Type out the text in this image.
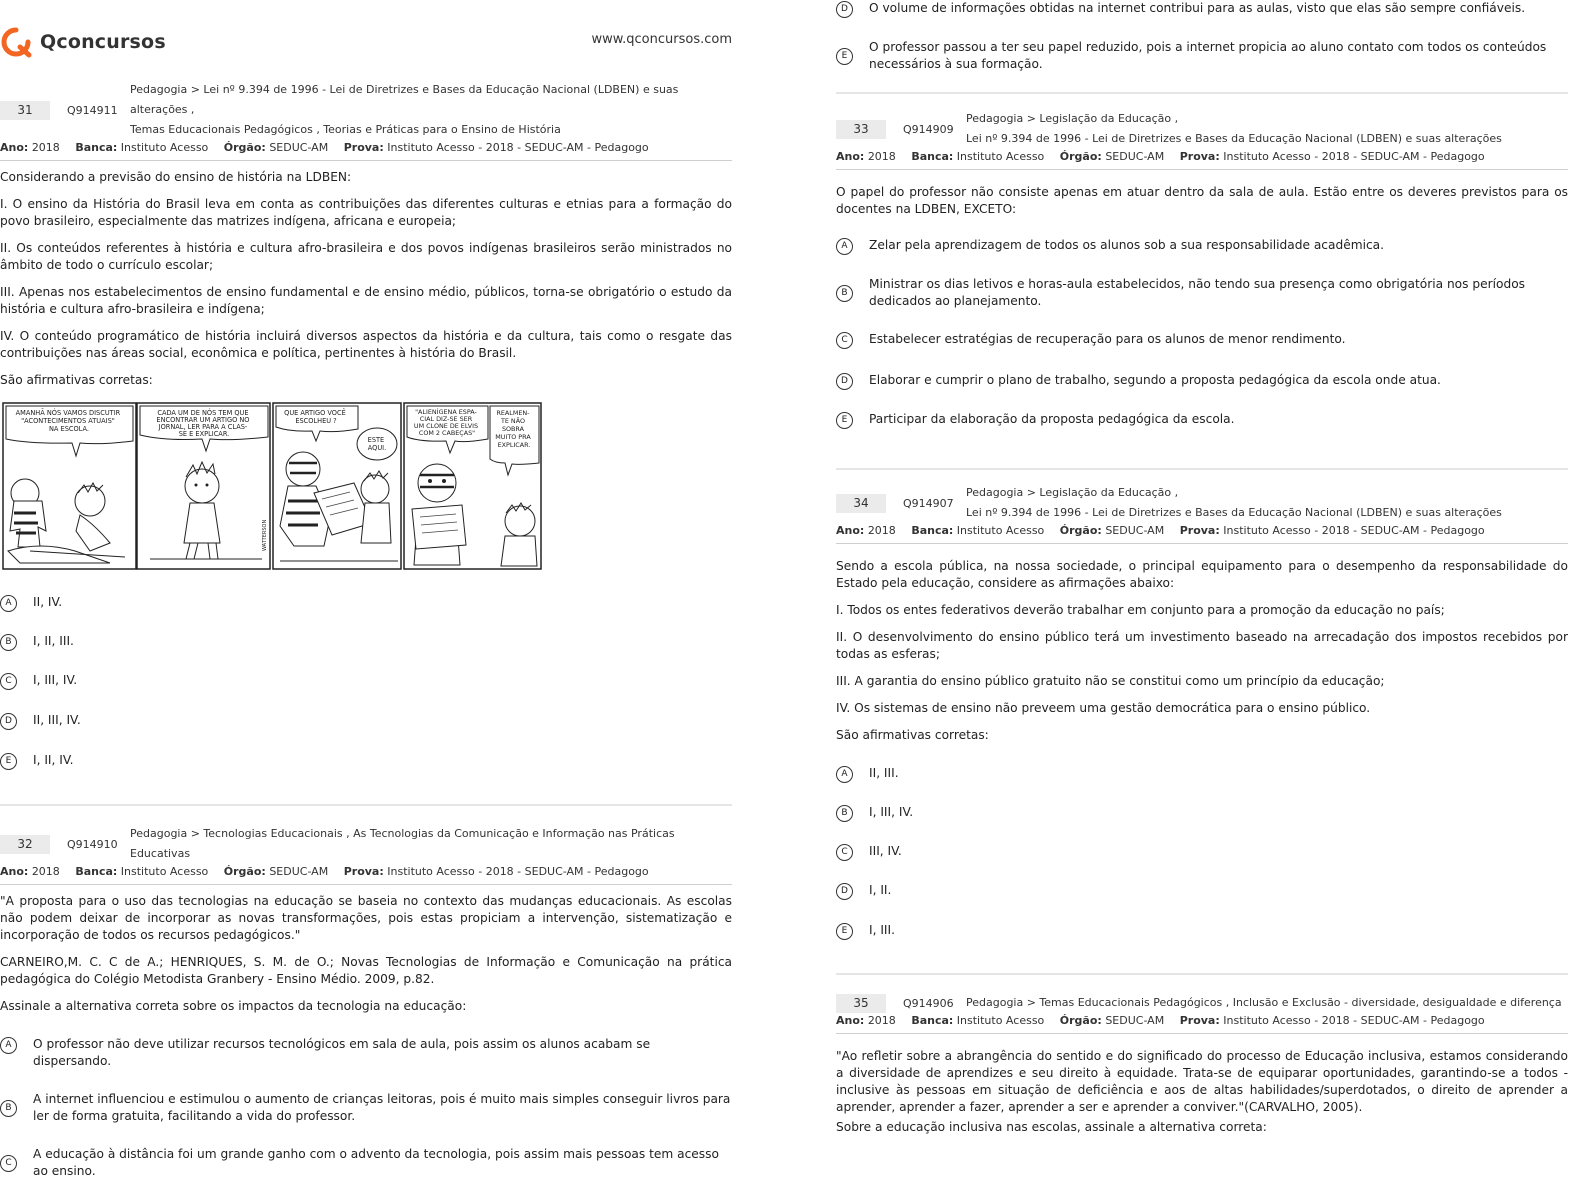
Qconcursos	www.qconcursos.com
31	Q914911
Pedagogia > Lei nº 9.394 de 1996 - Lei de Diretrizes e Bases da Educação Nacional (LDBEN) e suas alterações ,
Temas Educacionais Pedagógicos , Teorias e Práticas para o Ensino de História
Ano: 2018 Banca: Instituto Acesso Órgão: SEDUC-AM Prova: Instituto Acesso - 2018 - SEDUC-AM - Pedagogo

Considerando a previsão do ensino de história na LDBEN:

I. O ensino da História do Brasil leva em conta as contribuições das diferentes culturas e etnias para a formação do povo brasileiro, especialmente das matrizes indígena, africana e europeia;

II. Os conteúdos referentes à história e cultura afro-brasileira e dos povos indígenas brasileiros serão ministrados no âmbito de todo o currículo escolar;

III. Apenas nos estabelecimentos de ensino fundamental e de ensino médio, públicos, torna-se obrigatório o estudo da história e cultura afro-brasileira e indígena;

IV. O conteúdo programático de história incluirá diversos aspectos da história e da cultura, tais como o resgate das contribuições nas áreas social, econômica e política, pertinentes à história do Brasil.

São afirmativas corretas:

AMANHÃ NÓS VAMOS DISCUTIR "ACONTECIMENTOS ATUAIS" NA ESCOLA.
CADA UM DE NÓS TEM QUE ENCONTRAR UM ARTIGO NO JORNAL, LER PARA A CLAS- SE E EXPLICAR.
QUE ARTIGO VOCÊ ESCOLHEU ?
ESTE AQUI.
"ALIENÍGENA ESPA- CIAL DIZ-SE SER UM CLONE DE ELVIS COM 2 CABEÇAS"
REALMEN- TE NÃO SOBRA MUITO PRA EXPLICAR.
WATTERSON
A	II, IV.
B	I, II, III.
C	I, III, IV.
D	II, III, IV.
E	I, II, IV.
32	Q914910
Pedagogia > Tecnologias Educacionais , As Tecnologias da Comunicação e Informação nas Práticas Educativas
Ano: 2018 Banca: Instituto Acesso Órgão: SEDUC-AM Prova: Instituto Acesso - 2018 - SEDUC-AM - Pedagogo

"A proposta para o uso das tecnologias na educação se baseia no contexto das mudanças educacionais. As escolas não podem deixar de incorporar as novas transformações, pois estas propiciam a intervenção, sistematização e incorporação de todos os recursos pedagógicos."

CARNEIRO,M. C. C de A.; HENRIQUES, S. M. de O.; Novas Tecnologias de Informação e Comunicação na prática pedagógica do Colégio Metodista Granbery - Ensino Médio. 2009, p.82.

Assinale a alternativa correta sobre os impactos da tecnologia na educação:

A	O professor não deve utilizar recursos tecnológicos em sala de aula, pois assim os alunos acabam se dispersando.
B
A internet influenciou e estimulou o aumento de crianças leitoras, pois é muito mais simples conseguir livros para ler de forma gratuita, facilitando a vida do professor.
C
A educação à distância foi um grande ganho com o advento da tecnologia, pois assim mais pessoas tem acesso ao ensino.
D	O volume de informações obtidas na internet contribui para as aulas, visto que elas são sempre confiáveis.
E
O professor passou a ter seu papel reduzido, pois a internet propicia ao aluno contato com todos os conteúdos necessários à sua formação.
33	Q914909
Pedagogia > Legislação da Educação ,
Lei nº 9.394 de 1996 - Lei de Diretrizes e Bases da Educação Nacional (LDBEN) e suas alterações
Ano: 2018 Banca: Instituto Acesso Órgão: SEDUC-AM Prova: Instituto Acesso - 2018 - SEDUC-AM - Pedagogo

O papel do professor não consiste apenas em atuar dentro da sala de aula. Estão entre os deveres previstos para os docentes na LDBEN, EXCETO:

A	Zelar pela aprendizagem de todos os alunos sob a sua responsabilidade acadêmica.
B
Ministrar os dias letivos e horas-aula estabelecidos, não tendo sua presença como obrigatória nos períodos dedicados ao planejamento.
C	Estabelecer estratégias de recuperação para os alunos de menor rendimento.
D	Elaborar e cumprir o plano de trabalho, segundo a proposta pedagógica da escola onde atua.
E	Participar da elaboração da proposta pedagógica da escola.
34	Q914907
Pedagogia > Legislação da Educação ,
Lei nº 9.394 de 1996 - Lei de Diretrizes e Bases da Educação Nacional (LDBEN) e suas alterações
Ano: 2018 Banca: Instituto Acesso Órgão: SEDUC-AM Prova: Instituto Acesso - 2018 - SEDUC-AM - Pedagogo

Sendo a escola pública, na nossa sociedade, o principal equipamento para o desempenho da responsabilidade do Estado pela educação, considere as afirmações abaixo:

I. Todos os entes federativos deverão trabalhar em conjunto para a promoção da educação no país;

II. O desenvolvimento do ensino público terá um investimento baseado na arrecadação dos impostos recebidos por todas as esferas;

III. A garantia do ensino público gratuito não se constitui como um princípio da educação;

IV. Os sistemas de ensino não preveem uma gestão democrática para o ensino público.

São afirmativas corretas:

A	II, III.
B	I, III, IV.
C	III, IV.
D	I, II.
E	I, III.
35	Q914906 Pedagogia > Temas Educacionais Pedagógicos , Inclusão e Exclusão - diversidade, desigualdade e diferença
Ano: 2018 Banca: Instituto Acesso Órgão: SEDUC-AM Prova: Instituto Acesso - 2018 - SEDUC-AM - Pedagogo

"Ao refletir sobre a abrangência do sentido e do significado do processo de Educação inclusiva, estamos considerando a diversidade de aprendizes e seu direito à equidade. Trata-se de equiparar oportunidades, garantindo-se a todos - inclusive às pessoas em situação de deficiência e aos de altas habilidades/superdotados, o direito de aprender a aprender, aprender a fazer, aprender a ser e aprender a conviver."(CARVALHO, 2005).

Sobre a educação inclusiva nas escolas, assinale a alternativa correta:
